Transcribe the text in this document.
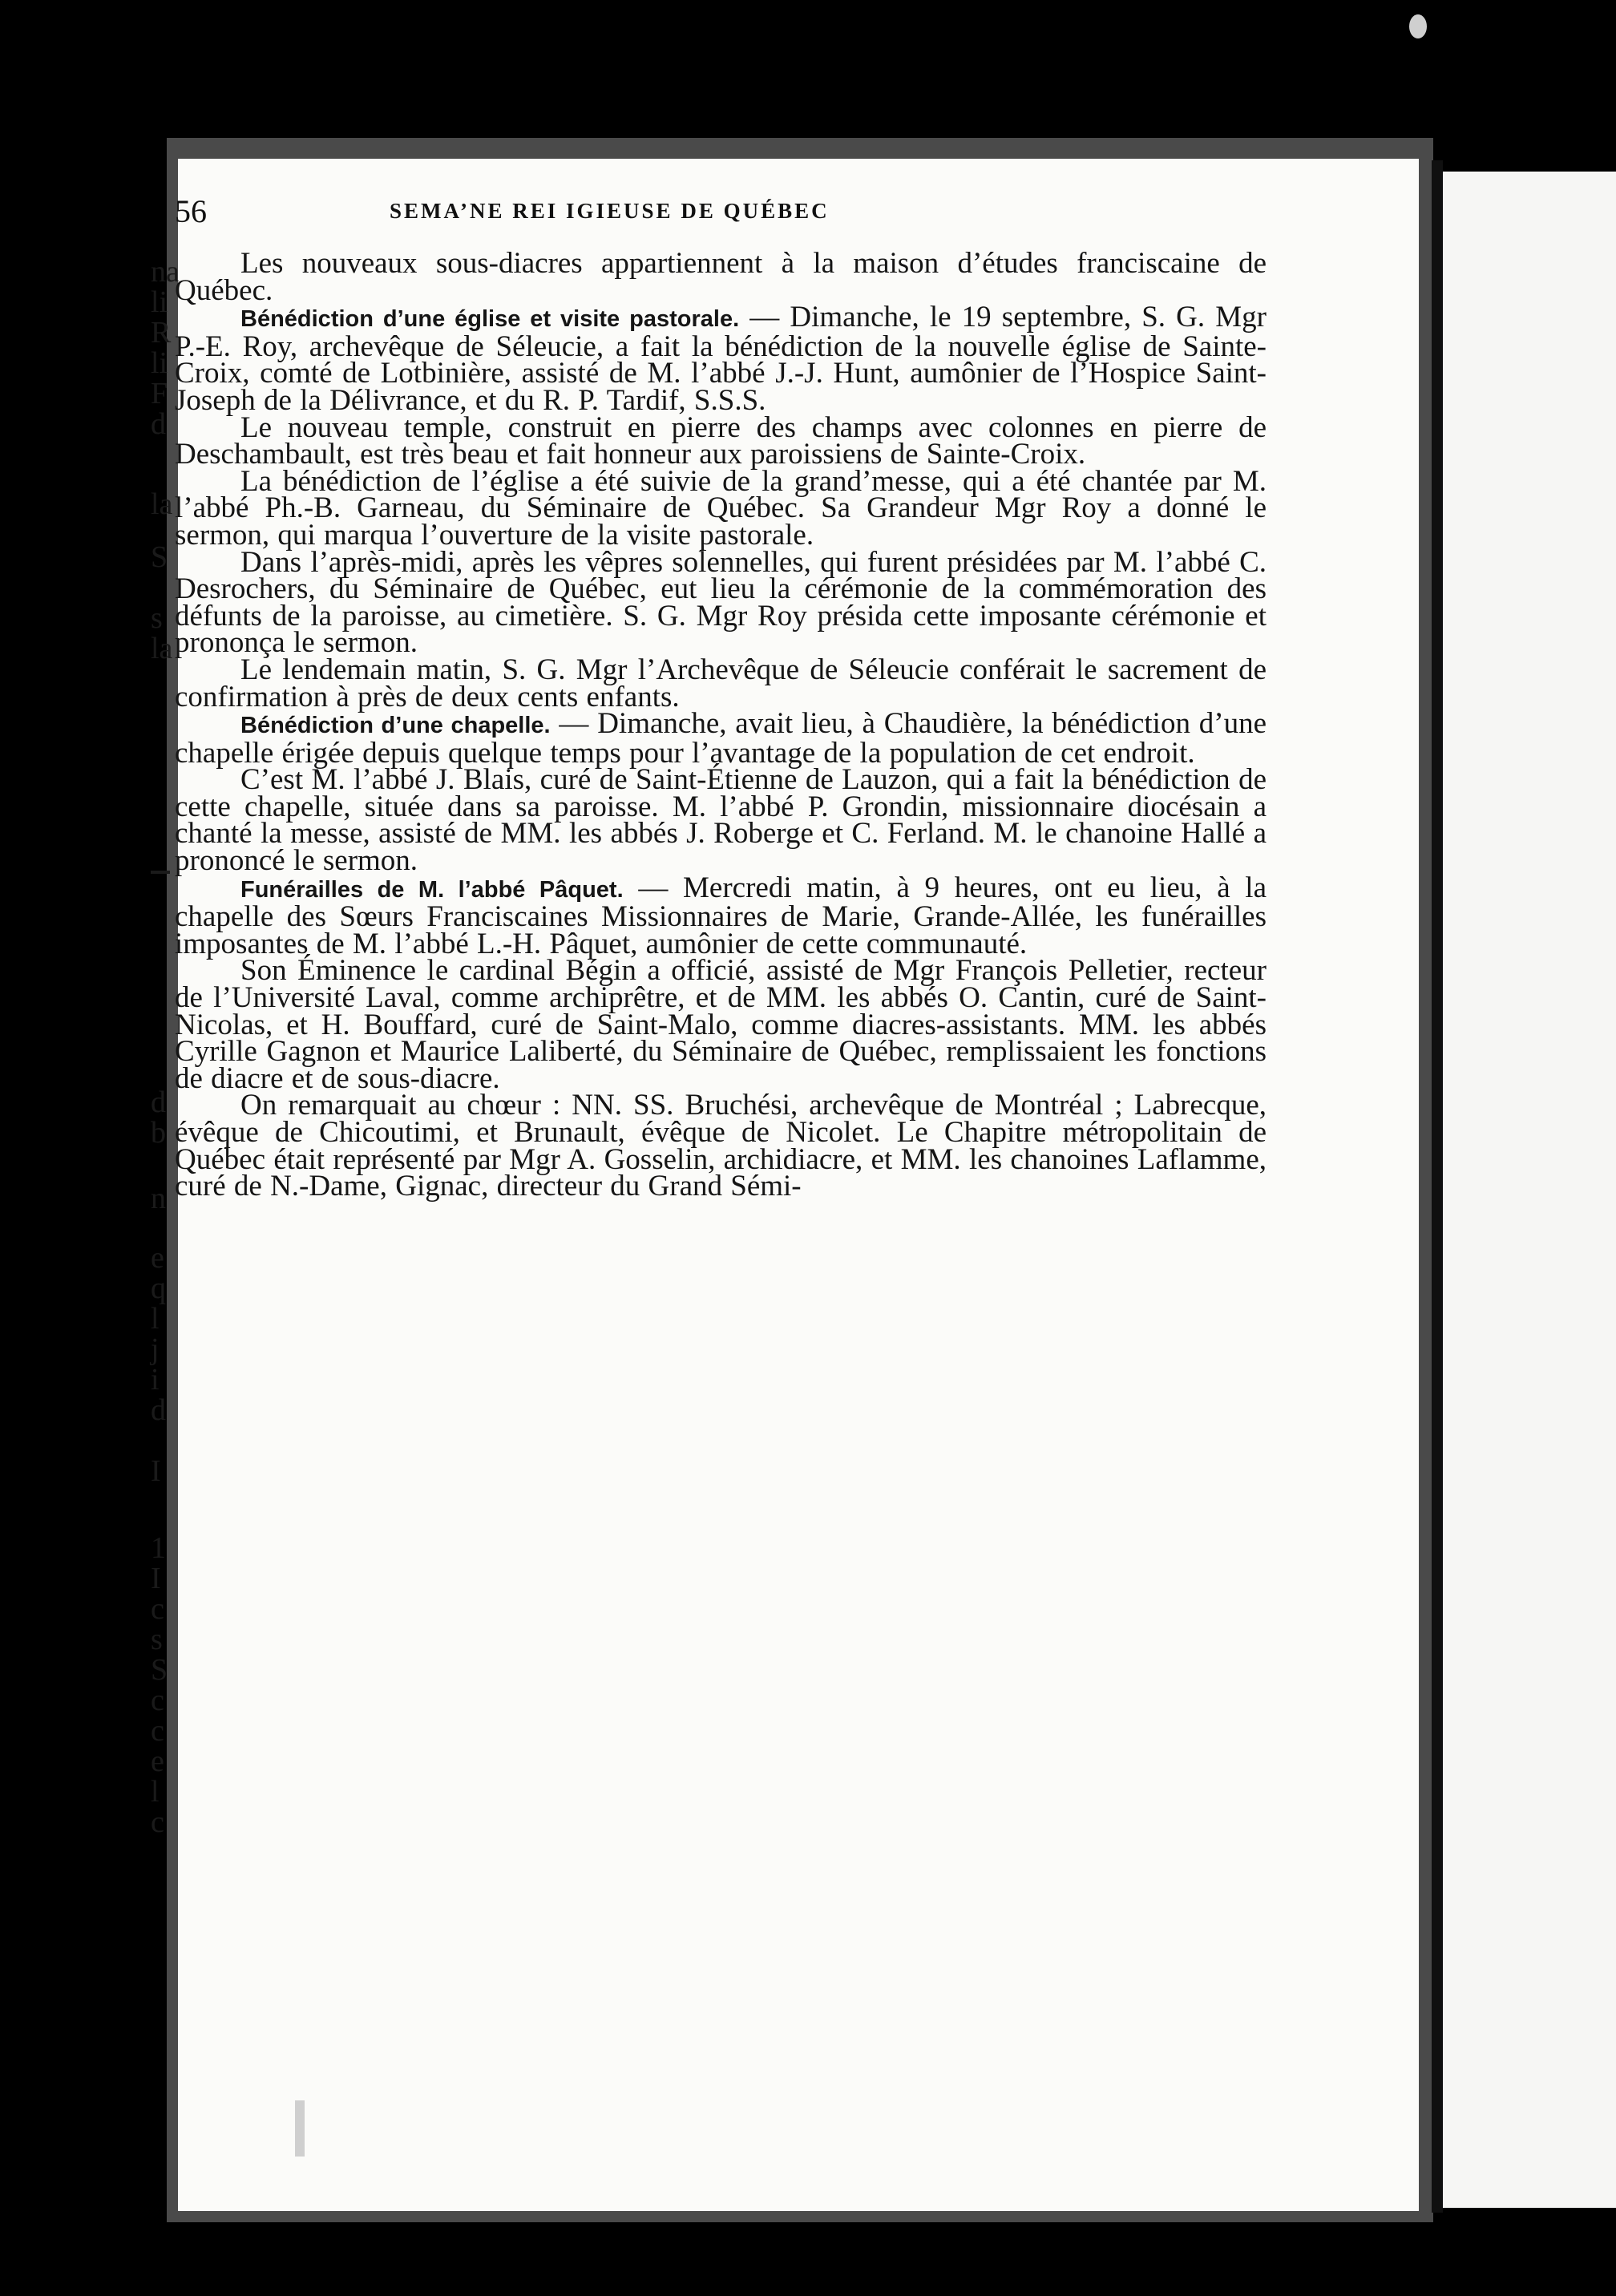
na
li
R
li
F
d
la
S
s
la
d
b
n
e
q
l
j
i
d
I
1
I
c
s
S
c
c
e
l
c
56	SEMA’NE REI IGIEUSE DE QUÉBEC

Les nouveaux sous-diacres appartiennent à la maison d’études franciscaine de Québec.

Bénédiction d’une église et visite pastorale. — Dimanche, le 19 septembre, S. G. Mgr P.-E. Roy, archevêque de Séleucie, a fait la bénédiction de la nouvelle église de Sainte-Croix, comté de Lotbinière, assisté de M. l’abbé J.-J. Hunt, aumônier de l’Hospice Saint-Joseph de la Délivrance, et du R. P. Tardif, S.S.S.

Le nouveau temple, construit en pierre des champs avec colonnes en pierre de Deschambault, est très beau et fait honneur aux paroissiens de Sainte-Croix.

La bénédiction de l’église a été suivie de la grand’messe, qui a été chantée par M. l’abbé Ph.-B. Garneau, du Séminaire de Québec. Sa Grandeur Mgr Roy a donné le sermon, qui marqua l’ouverture de la visite pastorale.

Dans l’après-midi, après les vêpres solennelles, qui furent présidées par M. l’abbé C. Desrochers, du Séminaire de Québec, eut lieu la cérémonie de la commémoration des défunts de la paroisse, au cimetière. S. G. Mgr Roy présida cette imposante cérémonie et prononça le sermon.

Le lendemain matin, S. G. Mgr l’Archevêque de Séleucie conférait le sacrement de confirmation à près de deux cents enfants.

Bénédiction d’une chapelle. — Dimanche, avait lieu, à Chaudière, la bénédiction d’une chapelle érigée depuis quelque temps pour l’avantage de la population de cet endroit.

C’est M. l’abbé J. Blais, curé de Saint-Étienne de Lauzon, qui a fait la bénédiction de cette chapelle, située dans sa paroisse. M. l’abbé P. Grondin, missionnaire diocésain a chanté la messe, assisté de MM. les abbés J. Roberge et C. Ferland. M. le chanoine Hallé a prononcé le sermon.

Funérailles de M. l’abbé Pâquet. — Mercredi matin, à 9 heures, ont eu lieu, à la chapelle des Sœurs Franciscaines Missionnaires de Marie, Grande-Allée, les funérailles imposantes de M. l’abbé L.-H. Pâquet, aumônier de cette communauté.

Son Éminence le cardinal Bégin a officié, assisté de Mgr François Pelletier, recteur de l’Université Laval, comme archiprêtre, et de MM. les abbés O. Cantin, curé de Saint-Nicolas, et H. Bouffard, curé de Saint-Malo, comme diacres-assistants. MM. les abbés Cyrille Gagnon et Maurice Laliberté, du Séminaire de Québec, remplissaient les fonctions de diacre et de sous-diacre.

On remarquait au chœur : NN. SS. Bruchési, archevêque de Montréal ; Labrecque, évêque de Chicoutimi, et Brunault, évêque de Nicolet. Le Chapitre métropolitain de Québec était représenté par Mgr A. Gosselin, archidiacre, et MM. les chanoines Laflamme, curé de N.-Dame, Gignac, directeur du Grand Sémi-
